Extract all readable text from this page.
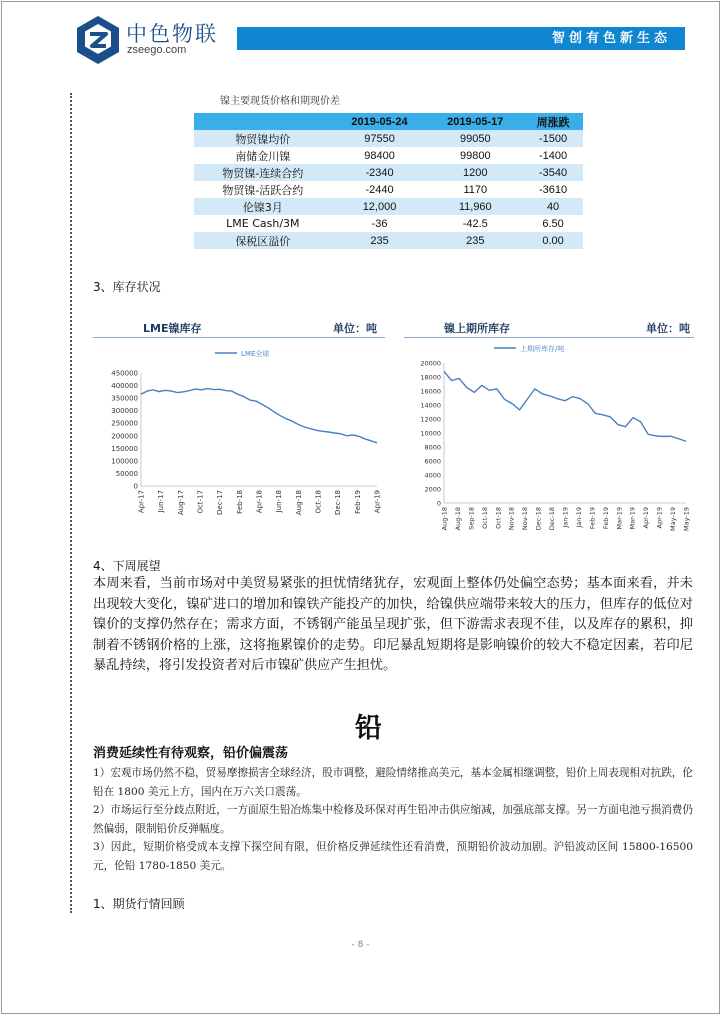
中色物联
zseego.com
智创有色新生态
镍主要现货价格和期现价差
	2019-05-24	2019-05-17	周涨跌
物贸镍均价	97550	99050	-1500
南储金川镍	98400	99800	-1400
物贸镍-连续合约	-2340	1200	-3540
物贸镍-活跃合约	-2440	1170	-3610
伦镍3月	12,000	11,960	40
LME Cash/3M	-36	-42.5	6.50
保税区溢价	235	235	0.00
3、库存状况
LME镍库存	单位：吨
LME全球
0
50000
100000
150000
200000
250000
300000
350000
400000
450000
Apr-17 Jun-17 Aug-17 Oct-17 Dec-17 Feb-18 Apr-18 Jun-18 Aug-18 Oct-18 Dec-18 Feb-19 Apr-19
镍上期所库存	单位：吨
上期所库存/吨
0
2000
4000
6000
8000
10000
12000
14000
16000
18000
20000
Aug-18 Aug-18 Sep-18 Oct-18 Oct-18 Nov-18 Nov-18 Dec-18 Dec-18 Jan-19 Jan-19 Feb-19 Feb-19 Mar-19 Mar-19 Apr-19 Apr-19 May-19 May-19
4、下周展望
本周来看，当前市场对中美贸易紧张的担忧情绪犹存，宏观面上整体仍处偏空态势；基本面来看，并未出现较大变化，镍矿进口的增加和镍铁产能投产的加快，给镍供应端带来较大的压力，但库存的低位对镍价的支撑仍然存在；需求方面，不锈钢产能虽呈现扩张，但下游需求表现不佳，以及库存的累积，抑制着不锈钢价格的上涨，这将拖累镍价的走势。印尼暴乱短期将是影响镍价的较大不稳定因素，若印尼暴乱持续，将引发投资者对后市镍矿供应产生担忧。
铅
消费延续性有待观察，铅价偏震荡
1）宏观市场仍然不稳，贸易摩擦损害全球经济，股市调整，避险情绪推高美元，基本金属相继调整，铅价上周表现相对抗跌，伦铅在 1800 美元上方，国内在万六关口震荡。
2）市场运行至分歧点附近，一方面原生铅冶炼集中检修及环保对再生铅冲击供应缩减，加强底部支撑。另一方面电池亏损消费仍然偏弱，限制铅价反弹幅度。
3）因此，短期价格受成本支撑下探空间有限，但价格反弹延续性还看消费，预期铅价波动加剧。沪铅波动区间 15800-16500 元，伦铅 1780-1850 美元。
1、期货行情回顾
- 8 -
